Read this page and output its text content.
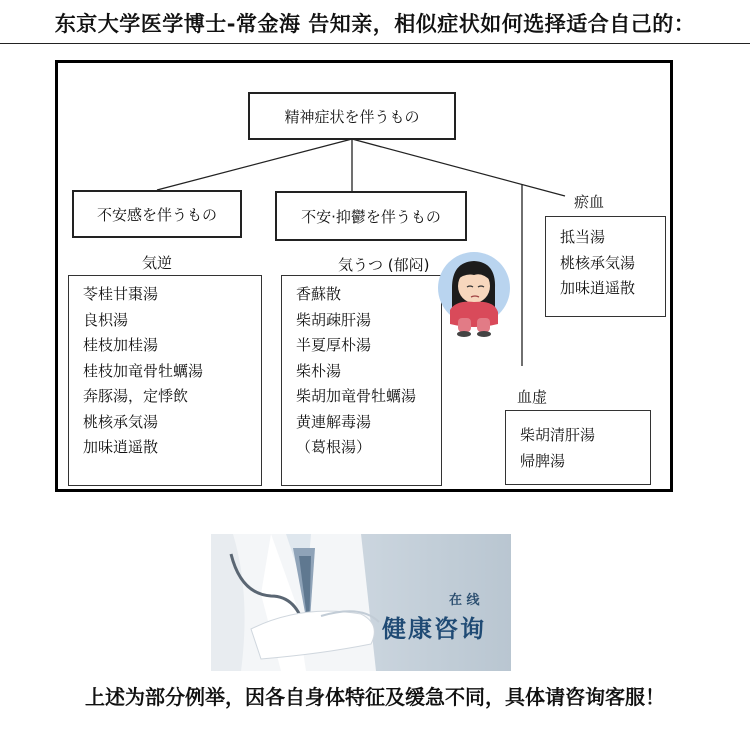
东京大学医学博士-常金海 告知亲，相似症状如何选择适合自己的：
精神症状を伴うもの
不安感を伴うもの	不安·抑鬱を伴うもの
瘀血
気逆	気うつ (郁闷)
苓桂甘棗湯
良枳湯
桂枝加桂湯
桂枝加竜骨牡蠣湯
奔豚湯，定悸飲
桃核承気湯
加味逍遥散
香蘇散
柴胡疎肝湯
半夏厚朴湯
柴朴湯
柴胡加竜骨牡蠣湯
黄連解毒湯
（葛根湯）
抵当湯
桃核承気湯
加味逍遥散
血虚
柴胡清肝湯
帰脾湯
在 线
健康咨询
上述为部分例举，因各自身体特征及缓急不同，具体请咨询客服！
